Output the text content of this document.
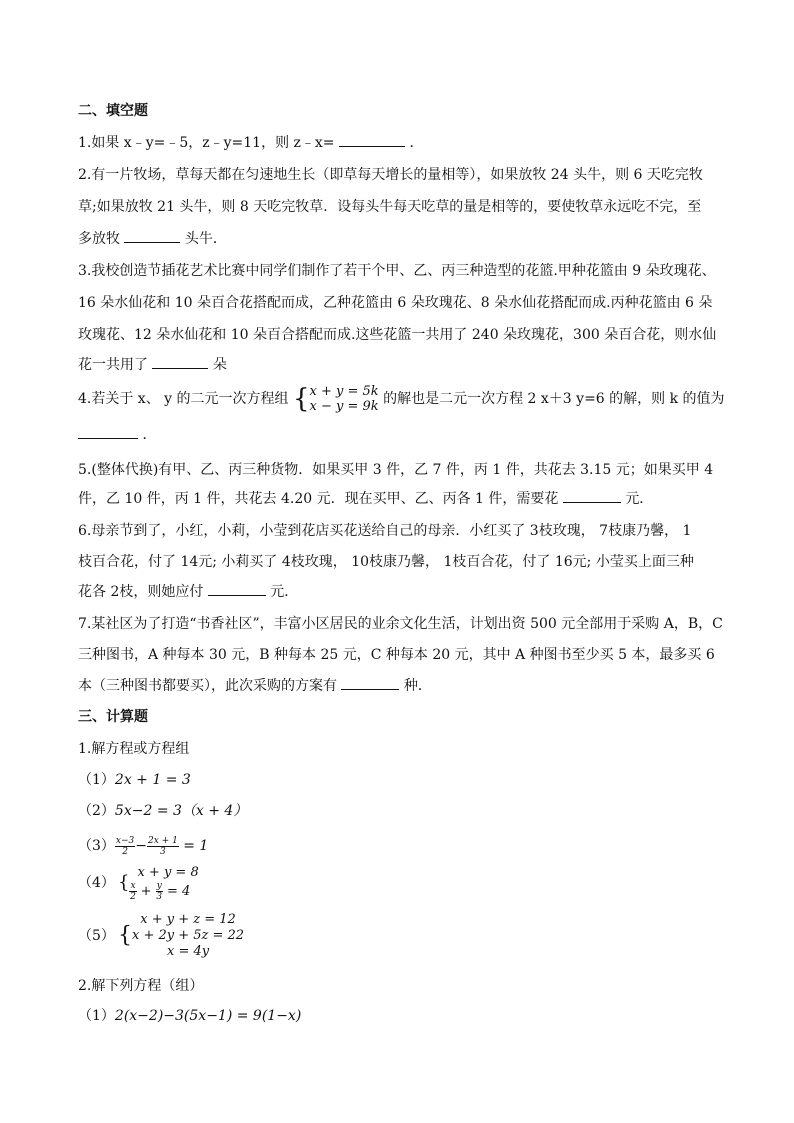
二、填空题
1.如果 x﹣y=﹣5，z﹣y=11，则 z﹣x=	．
2.有一片牧场，草每天都在匀速地生长（即草每天增长的量相等），如果放牧 24 头牛，则 6 天吃完牧
草;如果放牧 21 头牛，则 8 天吃完牧草．设每头牛每天吃草的量是相等的，要使牧草永远吃不完，至
多放牧	头牛．
3.我校创造节插花艺术比赛中同学们制作了若干个甲、乙、丙三种造型的花篮.甲种花篮由 9 朵玫瑰花、
16 朵水仙花和 10 朵百合花搭配而成，乙种花篮由 6 朵玫瑰花、8 朵水仙花搭配而成.丙种花篮由 6 朵
玫瑰花、12 朵水仙花和 10 朵百合搭配而成.这些花篮一共用了 240 朵玫瑰花，300 朵百合花，则水仙
花一共用了	朵
4.若关于 x、 y 的二元一次方程组 { x + y = 5k
x − y = 9k 的解也是二元一次方程 2 x＋3 y=6 的解，则 k 的值为
．
5.(整体代换)有甲、乙、丙三种货物．如果买甲 3 件，乙 7 件，丙 1 件，共花去 3.15 元；如果买甲 4
件，乙 10 件，丙 1 件，共花去 4.20 元．现在买甲、乙、丙各 1 件，需要花	元．
6.母亲节到了，小红，小莉，小莹到花店买花送给自己的母亲．小红买了 3枝玫瑰， 7枝康乃馨， 1
枝百合花，付了 14元; 小莉买了 4枝玫瑰， 10枝康乃馨， 1枝百合花，付了 16元; 小莹买上面三种
花各 2枝，则她应付	元．
7.某社区为了打造“书香社区”，丰富小区居民的业余文化生活，计划出资 500 元全部用于采购 A，B，C
三种图书，A 种每本 30 元，B 种每本 25 元，C 种每本 20 元，其中 A 种图书至少买 5 本，最多买 6
本（三种图书都要买），此次采购的方案有	种．
三、计算题
1.解方程或方程组
（1）2x + 1 = 3
（2）5x−2 = 3（x + 4）
$(3) \frac{x-3}{2} - \frac{2x + 1}{3} = 1$
（4） { x + y = 8
$\frac{x}{2} + \frac{y}{3} = 4$
（5） {
x + y + z = 12
x + 2y + 5z = 22
x = 4y
2.解下列方程（组）
（1）2(x−2)−3(5x−1) = 9(1−x)
